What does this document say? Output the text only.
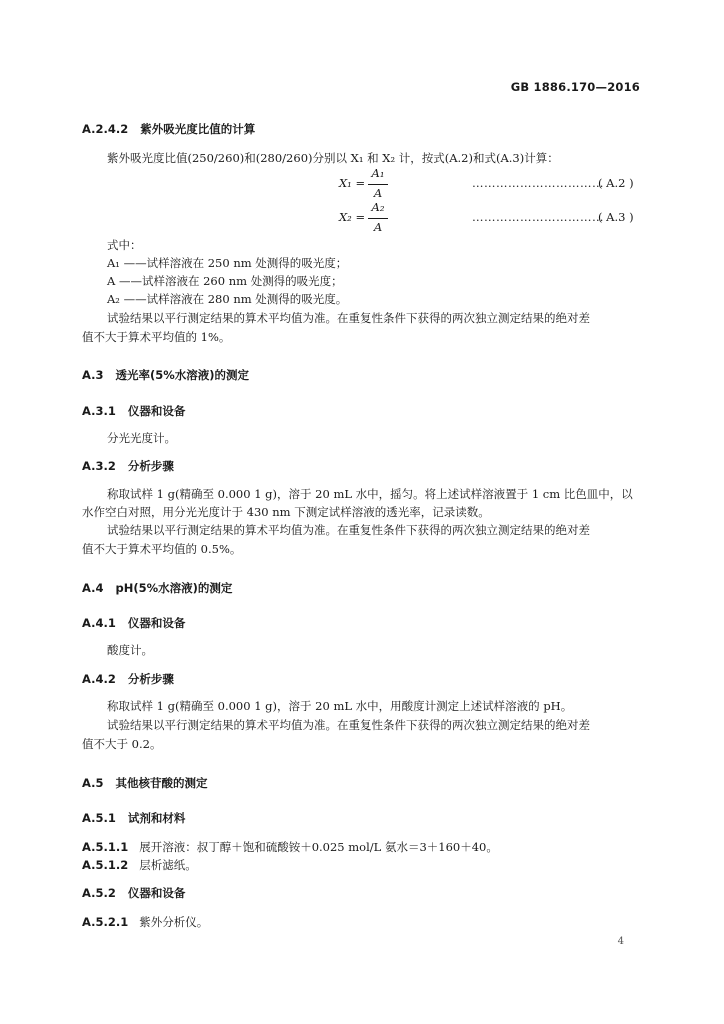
GB 1886.170—2016
A.2.4.2 紫外吸光度比值的计算
紫外吸光度比值(250/260)和(280/260)分别以 X₁ 和 X₂ 计，按式(A.2)和式(A.3)计算：
X₁ =
A₁
A
……………………………
( A.2 )
X₂ =
A₂
A
……………………………
( A.3 )
式中：
A₁ ——试样溶液在 250 nm 处测得的吸光度；
A ——试样溶液在 260 nm 处测得的吸光度；
A₂ ——试样溶液在 280 nm 处测得的吸光度。
试验结果以平行测定结果的算术平均值为准。在重复性条件下获得的两次独立测定结果的绝对差
值不大于算术平均值的 1%。
A.3 透光率(5%水溶液)的测定
A.3.1 仪器和设备
分光光度计。
A.3.2 分析步骤
称取试样 1 g(精确至 0.000 1 g)，溶于 20 mL 水中，摇匀。将上述试样溶液置于 1 cm 比色皿中，以
水作空白对照，用分光光度计于 430 nm 下测定试样溶液的透光率，记录读数。
试验结果以平行测定结果的算术平均值为准。在重复性条件下获得的两次独立测定结果的绝对差
值不大于算术平均值的 0.5%。
A.4 pH(5%水溶液)的测定
A.4.1 仪器和设备
酸度计。
A.4.2 分析步骤
称取试样 1 g(精确至 0.000 1 g)，溶于 20 mL 水中，用酸度计测定上述试样溶液的 pH。
试验结果以平行测定结果的算术平均值为准。在重复性条件下获得的两次独立测定结果的绝对差
值不大于 0.2。
A.5 其他核苷酸的测定
A.5.1 试剂和材料
A.5.1.1 展开溶液：叔丁醇＋饱和硫酸铵＋0.025 mol/L 氨水＝3＋160＋40。
A.5.1.2 层析滤纸。
A.5.2 仪器和设备
A.5.2.1 紫外分析仪。
4
